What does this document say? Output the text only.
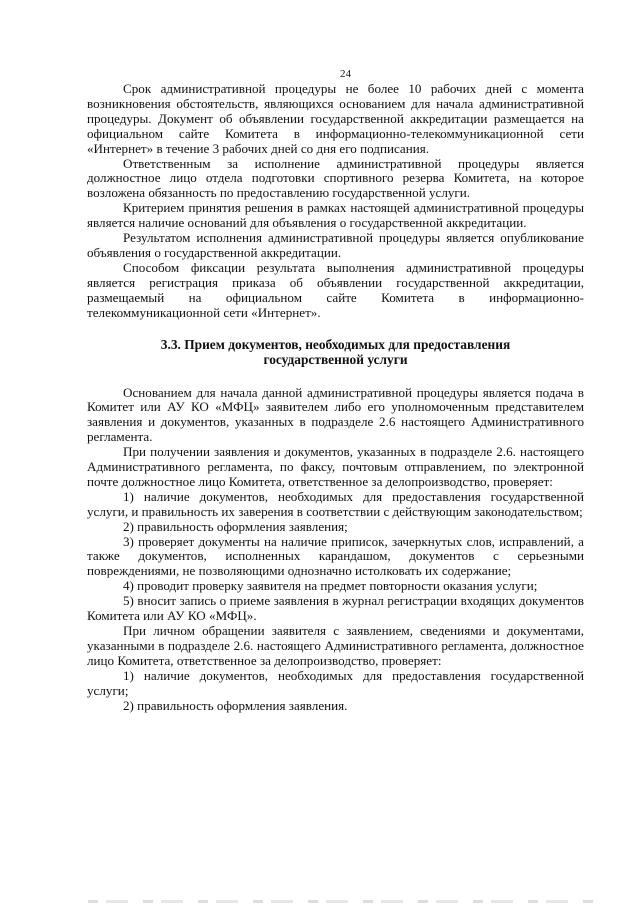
24

Срок административной процедуры не более 10 рабочих дней с момента возникновения обстоятельств, являющихся основанием для начала административной процедуры. Документ об объявлении государственной аккредитации размещается на официальном сайте Комитета в информационно-телекоммуникационной сети «Интернет» в течение 3 рабочих дней со дня его подписания.

Ответственным за исполнение административной процедуры является должностное лицо отдела подготовки спортивного резерва Комитета, на которое возложена обязанность по предоставлению государственной услуги.

Критерием принятия решения в рамках настоящей административной процедуры является наличие оснований для объявления о государственной аккредитации.

Результатом исполнения административной процедуры является опубликование объявления о государственной аккредитации.

Способом фиксации результата выполнения административной процедуры является регистрация приказа об объявлении государственной аккредитации, размещаемый на официальном сайте Комитета в информационно-телекоммуникационной сети «Интернет».

3.3. Прием документов, необходимых для предоставления
государственной услуги

Основанием для начала данной административной процедуры является подача в Комитет или АУ КО «МФЦ» заявителем либо его уполномоченным представителем заявления и документов, указанных в подразделе 2.6 настоящего Административного регламента.

При получении заявления и документов, указанных в подразделе 2.6. настоящего Административного регламента, по факсу, почтовым отправлением, по электронной почте должностное лицо Комитета, ответственное за делопроизводство, проверяет:

1) наличие документов, необходимых для предоставления государственной услуги, и правильность их заверения в соответствии с действующим законодательством;

2) правильность оформления заявления;

3) проверяет документы на наличие приписок, зачеркнутых слов, исправлений, а также документов, исполненных карандашом, документов с серьезными повреждениями, не позволяющими однозначно истолковать их содержание;

4) проводит проверку заявителя на предмет повторности оказания услуги;

5) вносит запись о приеме заявления в журнал регистрации входящих документов Комитета или АУ КО «МФЦ».

При личном обращении заявителя с заявлением, сведениями и документами, указанными в подразделе 2.6. настоящего Административного регламента, должностное лицо Комитета, ответственное за делопроизводство, проверяет:

1) наличие документов, необходимых для предоставления государственной услуги;

2) правильность оформления заявления.
